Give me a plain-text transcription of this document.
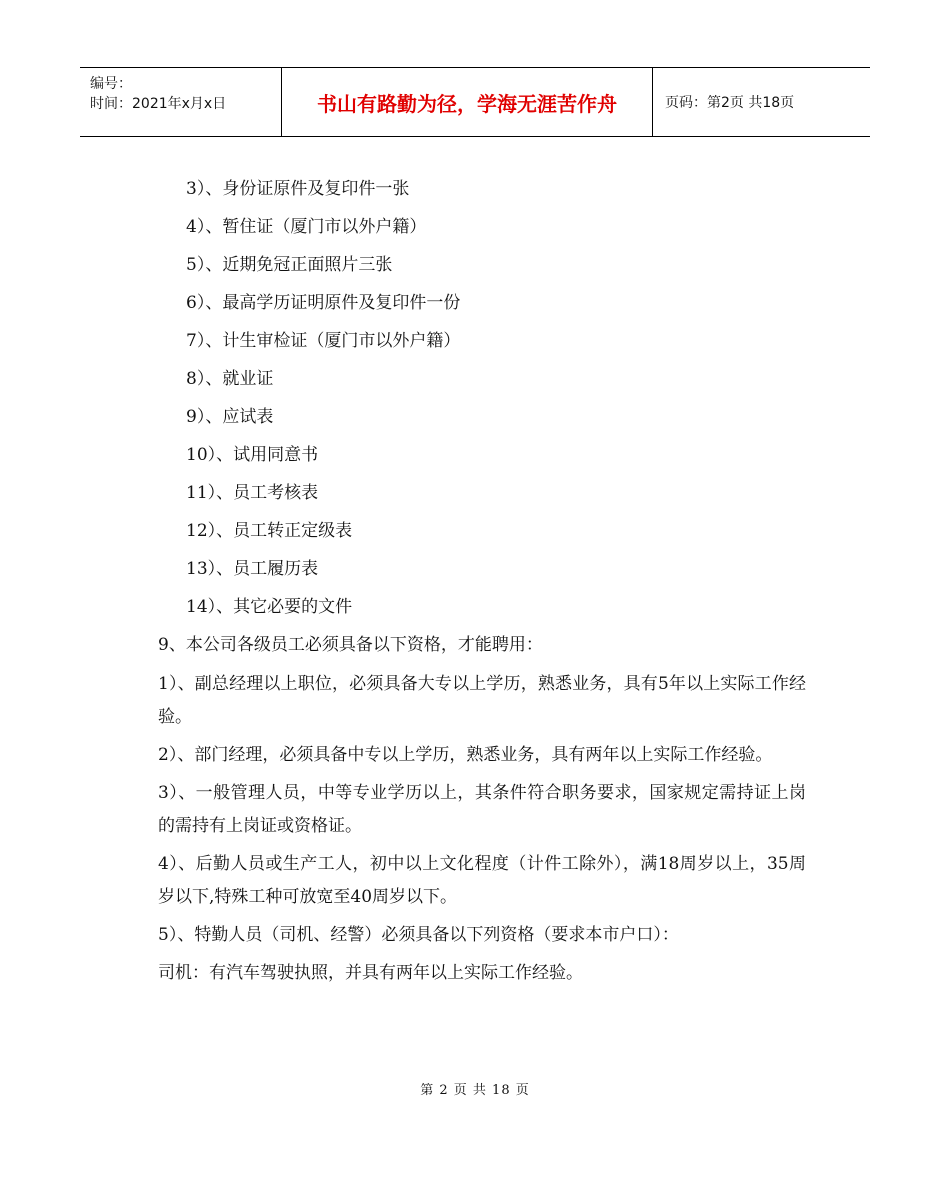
编号：
时间：2021年x月x日	书山有路勤为径，学海无涯苦作舟	页码：第2页 共18页
3）、身份证原件及复印件一张
4）、暂住证（厦门市以外户籍）
5）、近期免冠正面照片三张
6）、最高学历证明原件及复印件一份
7）、计生审检证（厦门市以外户籍）
8）、就业证
9）、应试表
10）、试用同意书
11）、员工考核表
12）、员工转正定级表
13）、员工履历表
14）、其它必要的文件
9、本公司各级员工必须具备以下资格，才能聘用：
1）、副总经理以上职位，必须具备大专以上学历，熟悉业务，具有5年以上实际工作经验。
2）、部门经理，必须具备中专以上学历，熟悉业务，具有两年以上实际工作经验。
3）、一般管理人员，中等专业学历以上，其条件符合职务要求，国家规定需持证上岗的需持有上岗证或资格证。
4）、后勤人员或生产工人，初中以上文化程度（计件工除外），满18周岁以上，35周岁以下,特殊工种可放宽至40周岁以下。
5）、特勤人员（司机、经警）必须具备以下列资格（要求本市户口）：
司机：有汽车驾驶执照，并具有两年以上实际工作经验。
第 2 页 共 18 页
